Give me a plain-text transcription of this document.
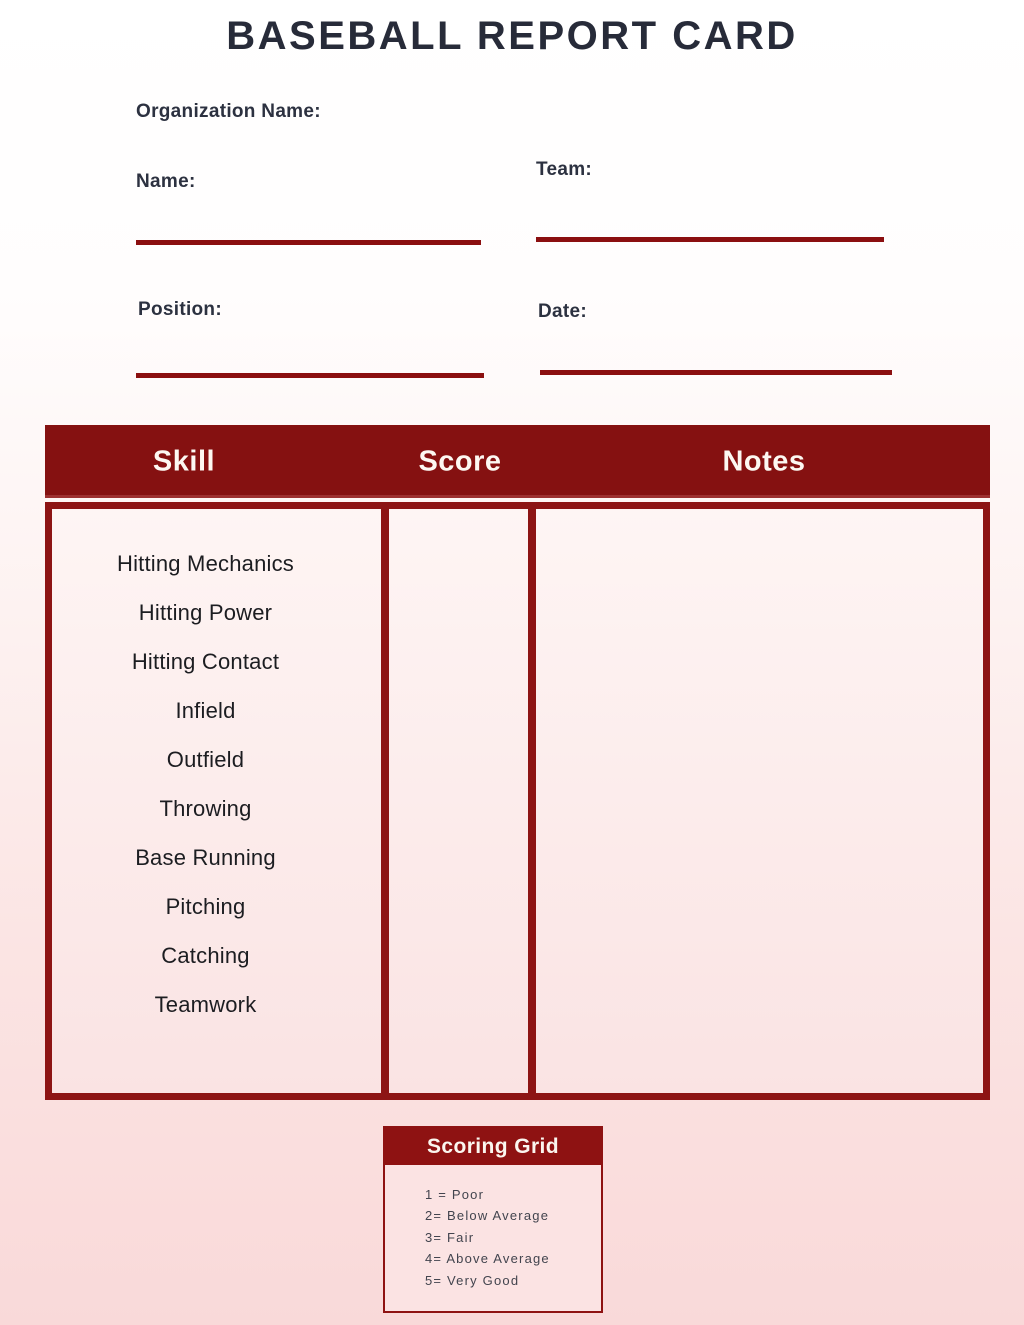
BASEBALL REPORT CARD
Organization Name:
Name:
Team:
Position:	Date:
Skill	Score	Notes
Hitting Mechanics
Hitting Power
Hitting Contact
Infield
Outfield
Throwing
Base Running
Pitching
Catching
Teamwork
Scoring Grid
1 = Poor
2= Below Average
3= Fair
4= Above Average
5= Very Good
